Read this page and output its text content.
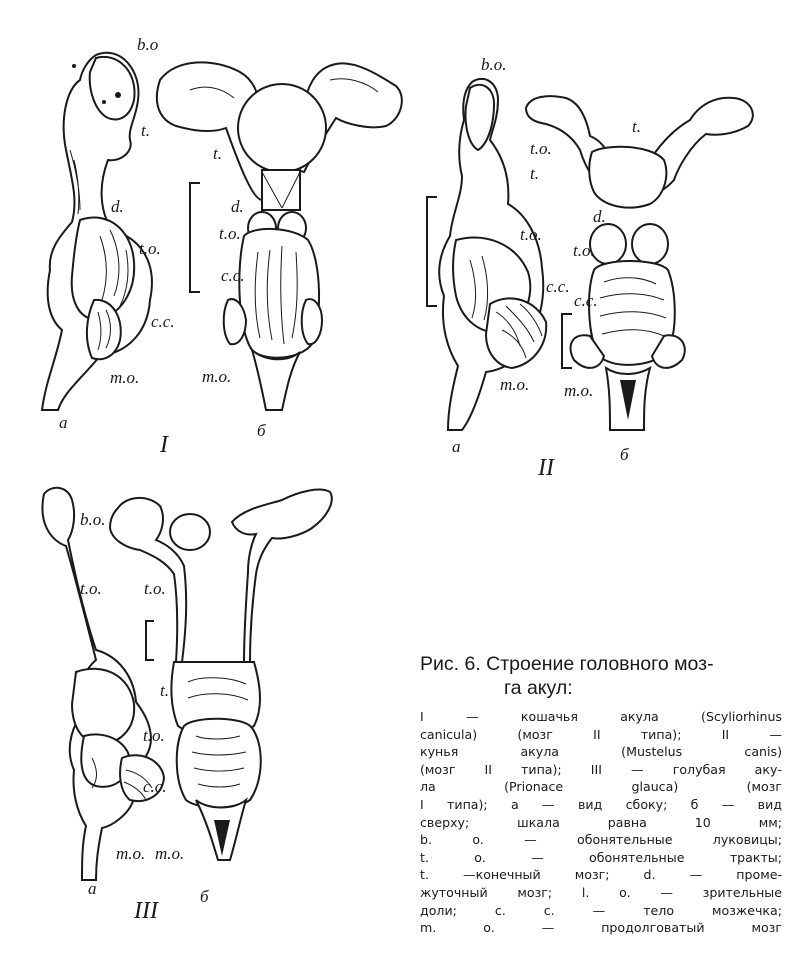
b.o
t.
d.
t.o.
c.c.
m.o.
t.
d.
t.o.
c.c.
m.o.
a	б
I
b.o.
t.o.
t.
t.o.
c.c.
m.o.
t.
d.
t.o.
c.c.
m.o.
a	б
II
b.o.
t.o.
t.o.
c.c.
m.o.
t.o.
t.
m.o.
a	б
III

Рис. 6. Строение головного моз-
га акул:

I — кошачья акула (Scyliorhinus
canicula) (мозг II типа); II —
кунья акула (Mustelus canis)
(мозг II типа); III — голубая аку-
ла (Prionace glauca) (мозг
I типа); а — вид сбоку; б — вид
сверху; шкала равна 10 мм;
b. o. — обонятельные луковицы;
t. o. — обонятельные тракты;
t. —конечный мозг; d. — проме-
жуточный мозг; l. o. — зрительные
доли; c. c. — тело мозжечка;
m. o. — продолговатый мозг
